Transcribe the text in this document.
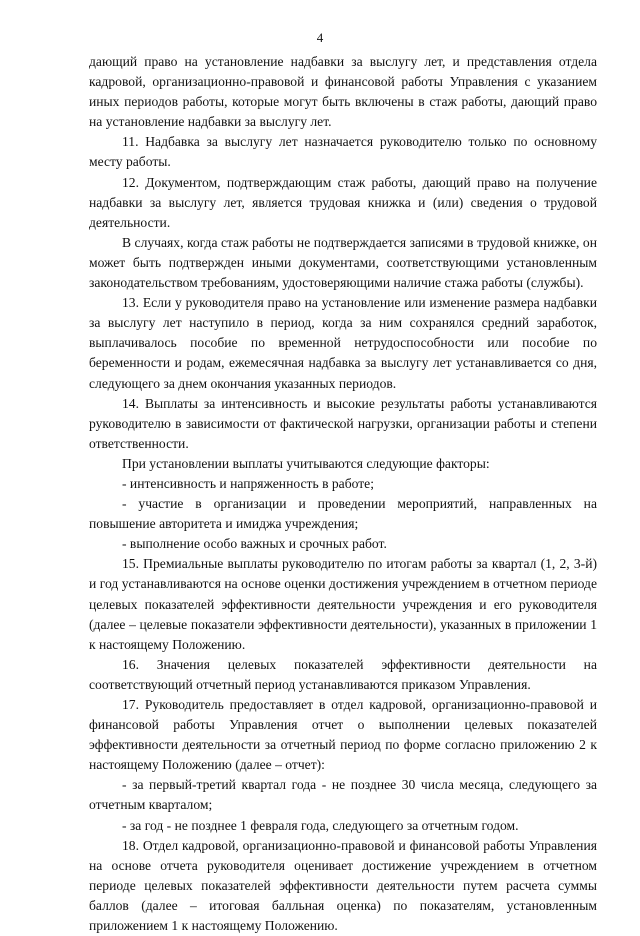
4

дающий право на установление надбавки за выслугу лет, и представления отдела кадровой, организационно-правовой и финансовой работы Управления с указанием иных периодов работы, которые могут быть включены в стаж работы, дающий право на установление надбавки за выслугу лет.

11. Надбавка за выслугу лет назначается руководителю только по основному месту работы.

12. Документом, подтверждающим стаж работы, дающий право на получение надбавки за выслугу лет, является трудовая книжка и (или) сведения о трудовой деятельности.

В случаях, когда стаж работы не подтверждается записями в трудовой книжке, он может быть подтвержден иными документами, соответствующими установленным законодательством требованиям, удостоверяющими наличие стажа работы (службы).

13. Если у руководителя право на установление или изменение размера надбавки за выслугу лет наступило в период, когда за ним сохранялся средний заработок, выплачивалось пособие по временной нетрудоспособности или пособие по беременности и родам, ежемесячная надбавка за выслугу лет устанавливается со дня, следующего за днем окончания указанных периодов.

14. Выплаты за интенсивность и высокие результаты работы устанавливаются руководителю в зависимости от фактической нагрузки, организации работы и степени ответственности.

При установлении выплаты учитываются следующие факторы:

- интенсивность и напряженность в работе;

- участие в организации и проведении мероприятий, направленных на повышение авторитета и имиджа учреждения;

- выполнение особо важных и срочных работ.

15. Премиальные выплаты руководителю по итогам работы за квартал (1, 2, 3-й) и год устанавливаются на основе оценки достижения учреждением в отчетном периоде целевых показателей эффективности деятельности учреждения и его руководителя (далее – целевые показатели эффективности деятельности), указанных в приложении 1 к настоящему Положению.

16. Значения целевых показателей эффективности деятельности на соответствующий отчетный период устанавливаются приказом Управления.

17. Руководитель предоставляет в отдел кадровой, организационно-правовой и финансовой работы Управления отчет о выполнении целевых показателей эффективности деятельности за отчетный период по форме согласно приложению 2 к настоящему Положению (далее – отчет):

- за первый-третий квартал года - не позднее 30 числа месяца, следующего за отчетным кварталом;

- за год - не позднее 1 февраля года, следующего за отчетным годом.

18. Отдел кадровой, организационно-правовой и финансовой работы Управления на основе отчета руководителя оценивает достижение учреждением в отчетном периоде целевых показателей эффективности деятельности путем расчета суммы баллов (далее – итоговая балльная оценка) по показателям, установленным приложением 1 к настоящему Положению.
